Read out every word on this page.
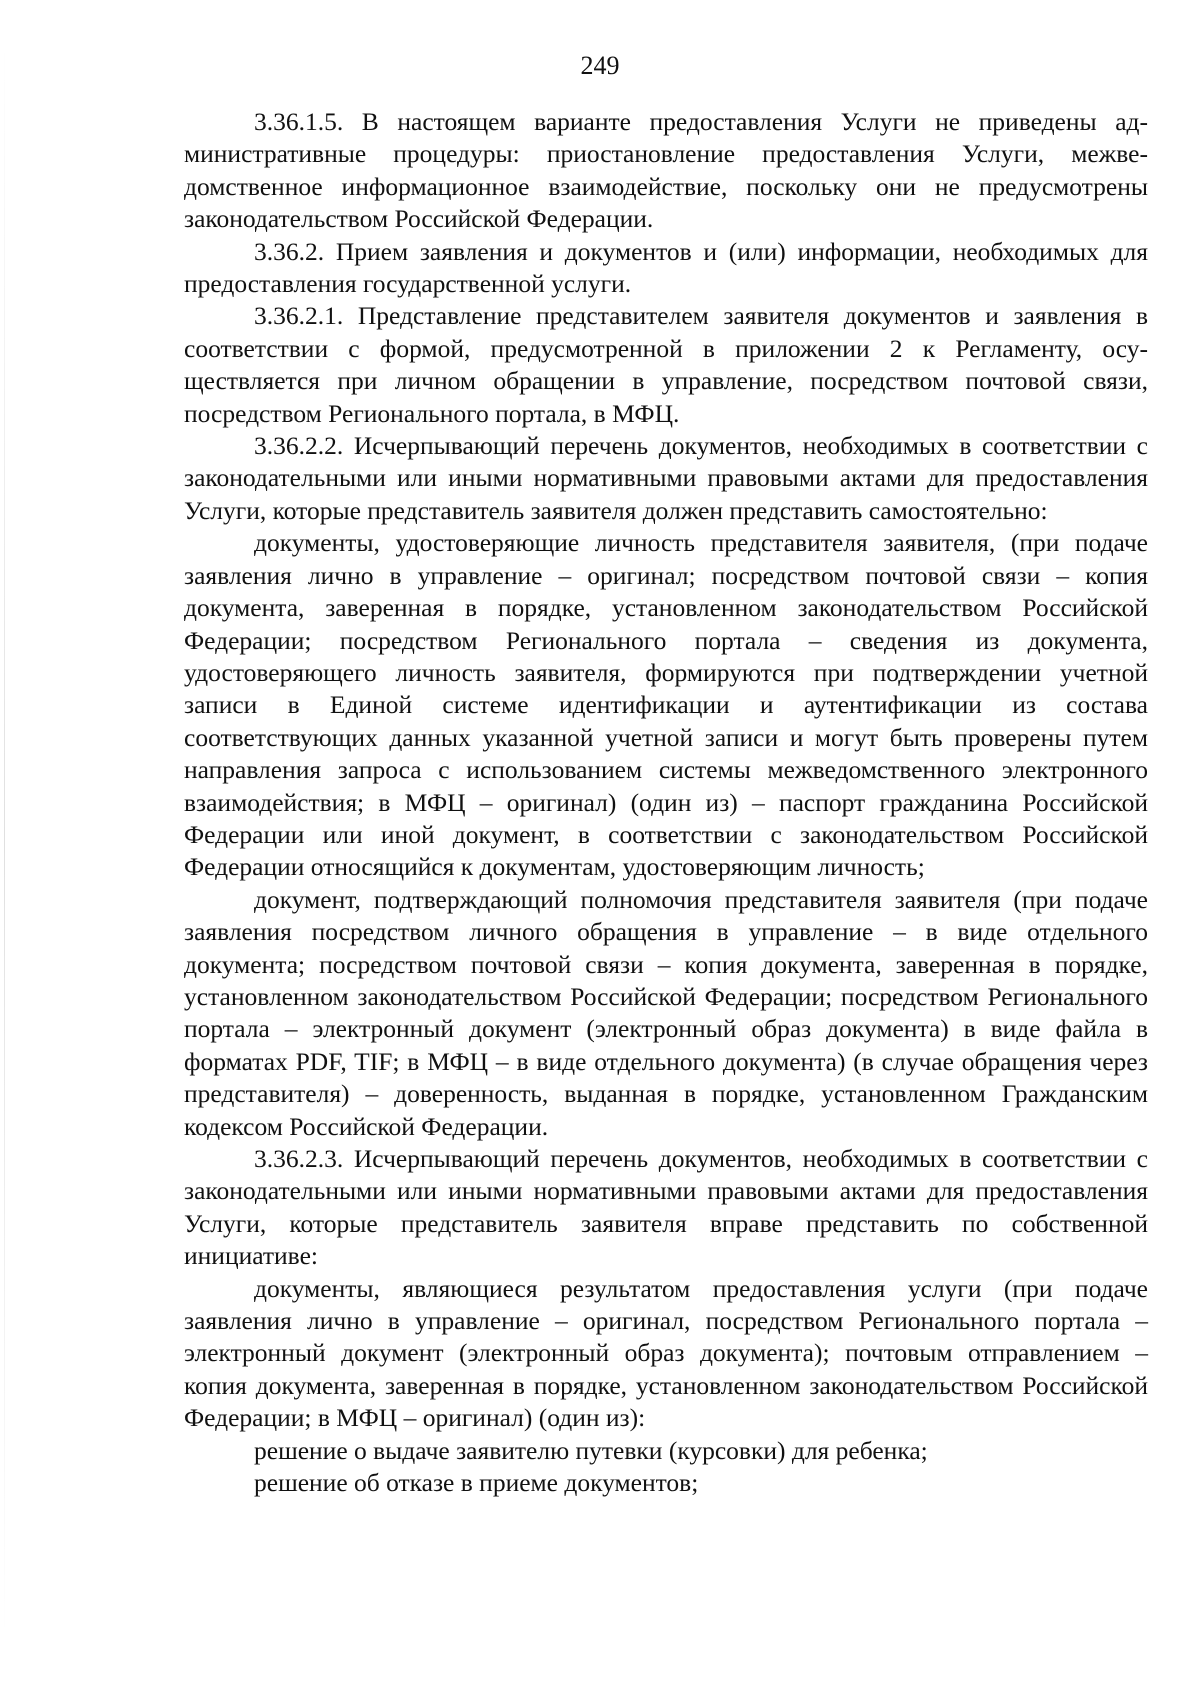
249

3.36.1.5. В настоящем варианте предоставления Услуги не приведены административные процедуры: приостановление предоставления Услуги, межведомственное информационное взаимодействие, поскольку они не предусмотрены законодательством Российской Федерации.

3.36.2. Прием заявления и документов и (или) информации, необходимых для предоставления государственной услуги.

3.36.2.1. Представление представителем заявителя документов и заявления в соответствии с формой, предусмотренной в приложении 2 к Регламенту, осуществляется при личном обращении в управление, посредством почтовой связи, посредством Регионального портала, в МФЦ.

3.36.2.2. Исчерпывающий перечень документов, необходимых в соответствии с законодательными или иными нормативными правовыми актами для предоставления Услуги, которые представитель заявителя должен представить самостоятельно:

документы, удостоверяющие личность представителя заявителя, (при подаче заявления лично в управление – оригинал; посредством почтовой связи – копия документа, заверенная в порядке, установленном законодательством Российской Федерации; посредством Регионального портала – сведения из документа, удостоверяющего личность заявителя, формируются при подтверждении учетной записи в Единой системе идентификации и аутентификации из состава соответствующих данных указанной учетной записи и могут быть проверены путем направления запроса с использованием системы межведомственного электронного взаимодействия; в МФЦ – оригинал) (один из) – паспорт гражданина Российской Федерации или иной документ, в соответствии с законодательством Российской Федерации относящийся к документам, удостоверяющим личность;

документ, подтверждающий полномочия представителя заявителя (при подаче заявления посредством личного обращения в управление – в виде отдельного документа; посредством почтовой связи – копия документа, заверенная в порядке, установленном законодательством Российской Федерации; посредством Регионального портала – электронный документ (электронный образ документа) в виде файла в форматах PDF, TIF; в МФЦ – в виде отдельного документа) (в случае обращения через представителя) – доверенность, выданная в порядке, установленном Гражданским кодексом Российской Федерации.

3.36.2.3. Исчерпывающий перечень документов, необходимых в соответствии с законодательными или иными нормативными правовыми актами для предоставления Услуги, которые представитель заявителя вправе представить по собственной инициативе:

документы, являющиеся результатом предоставления услуги (при подаче заявления лично в управление – оригинал, посредством Регионального портала – электронный документ (электронный образ документа); почтовым отправлением – копия документа, заверенная в порядке, установленном законодательством Российской Федерации; в МФЦ – оригинал) (один из):

решение о выдаче заявителю путевки (курсовки) для ребенка;

решение об отказе в приеме документов;
